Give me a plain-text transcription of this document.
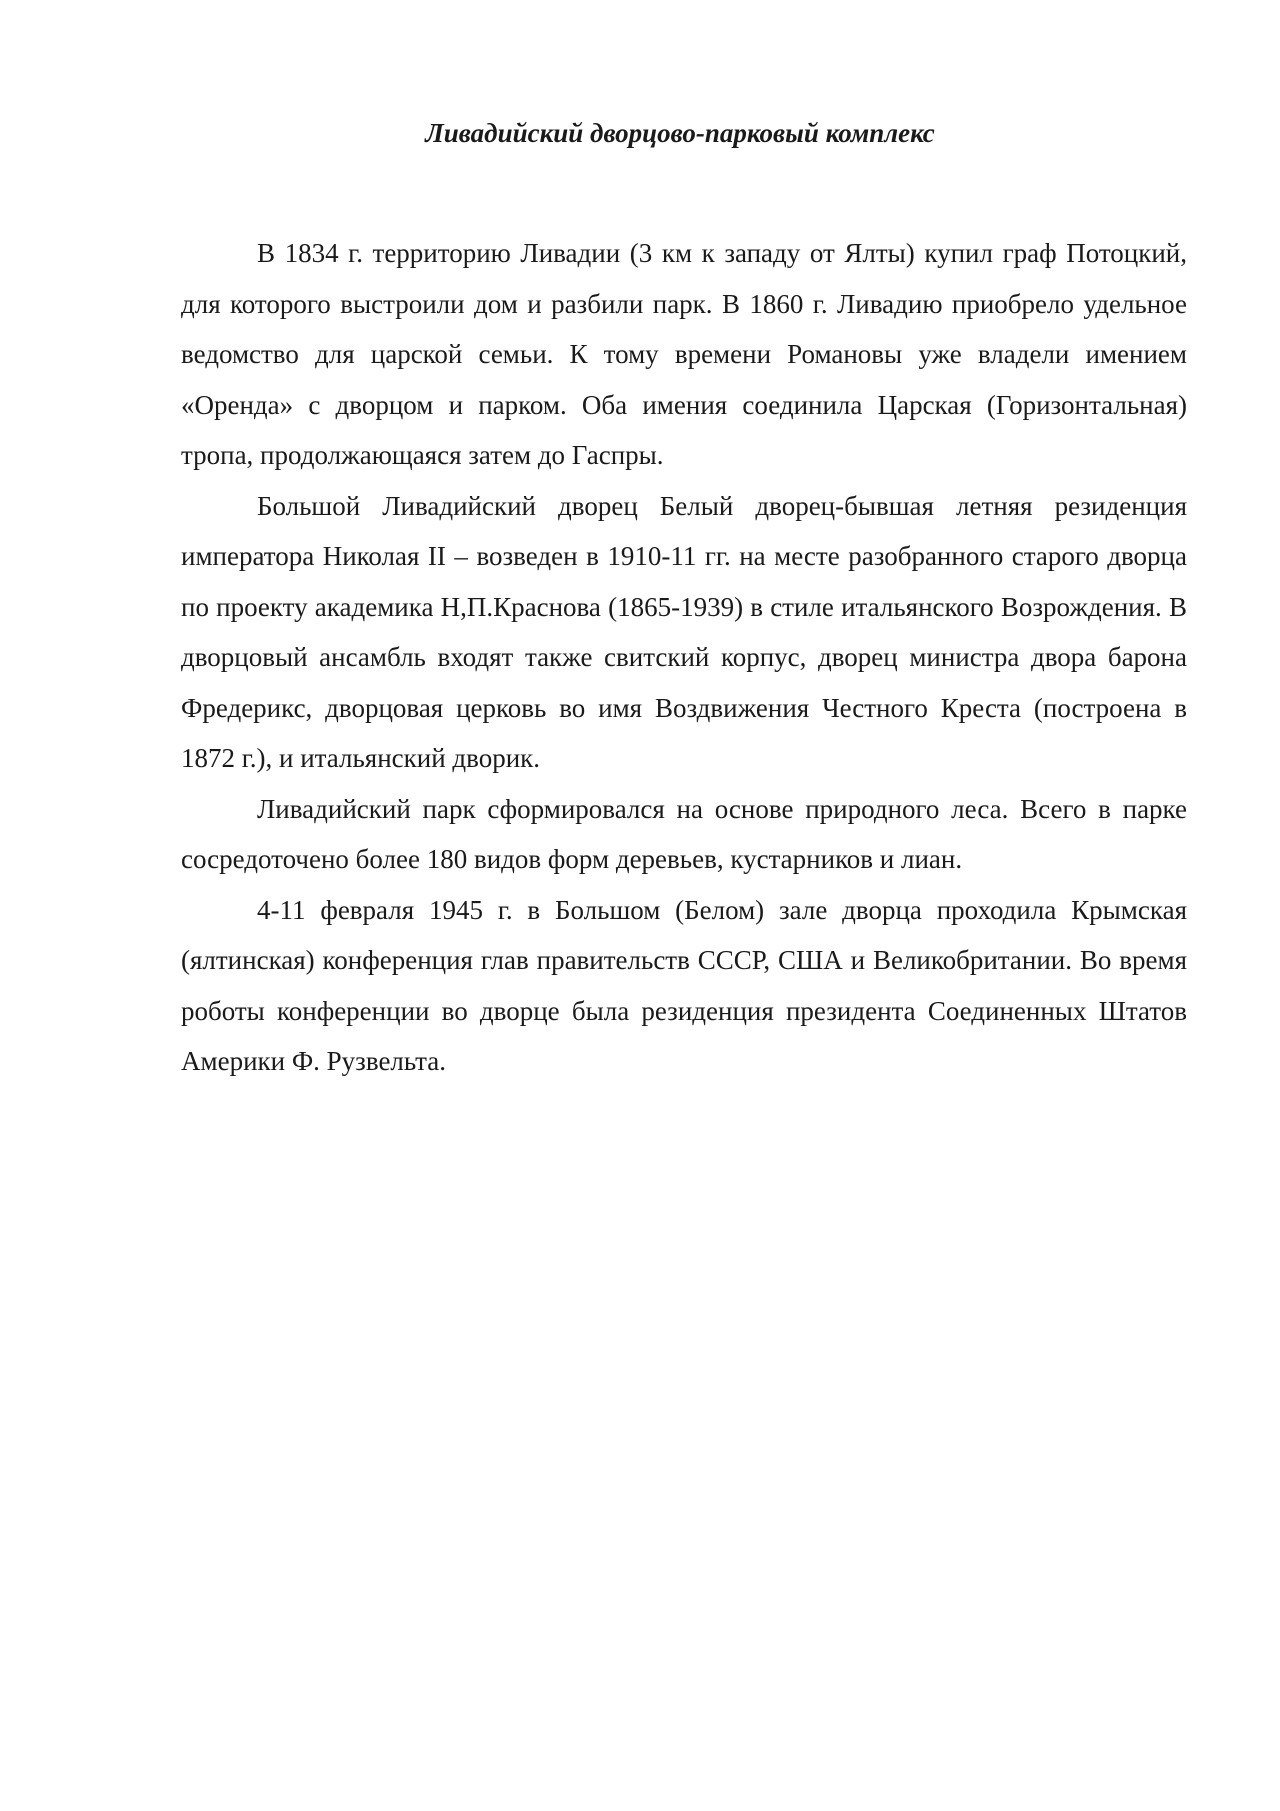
Ливадийский дворцово-парковый комплекс

В 1834 г. территорию Ливадии (3 км к западу от Ялты) купил граф Потоцкий, для которого выстроили дом и разбили парк. В 1860 г. Ливадию приобрело удельное ведомство для царской семьи. К тому времени Романовы уже владели имением «Оренда» с дворцом и парком. Оба имения соединила Царская (Горизонтальная) тропа, продолжающаяся затем до Гаспры.

Большой Ливадийский дворец Белый дворец-бывшая летняя резиденция императора Николая II – возведен в 1910-11 гг. на месте разобранного старого дворца по проекту академика Н,П.Краснова (1865-1939) в стиле итальянского Возрождения. В дворцовый ансамбль входят также свитский корпус, дворец министра двора барона Фредерикс, дворцовая церковь во имя Воздвижения Честного Креста (построена в 1872 г.), и итальянский дворик.

Ливадийский парк сформировался на основе природного леса. Всего в парке сосредоточено более 180 видов форм деревьев, кустарников и лиан.

4-11 февраля 1945 г. в Большом (Белом) зале дворца проходила Крымская (ялтинская) конференция глав правительств СССР, США и Великобритании. Во время роботы конференции во дворце была резиденция президента Соединенных Штатов Америки Ф. Рузвельта.
